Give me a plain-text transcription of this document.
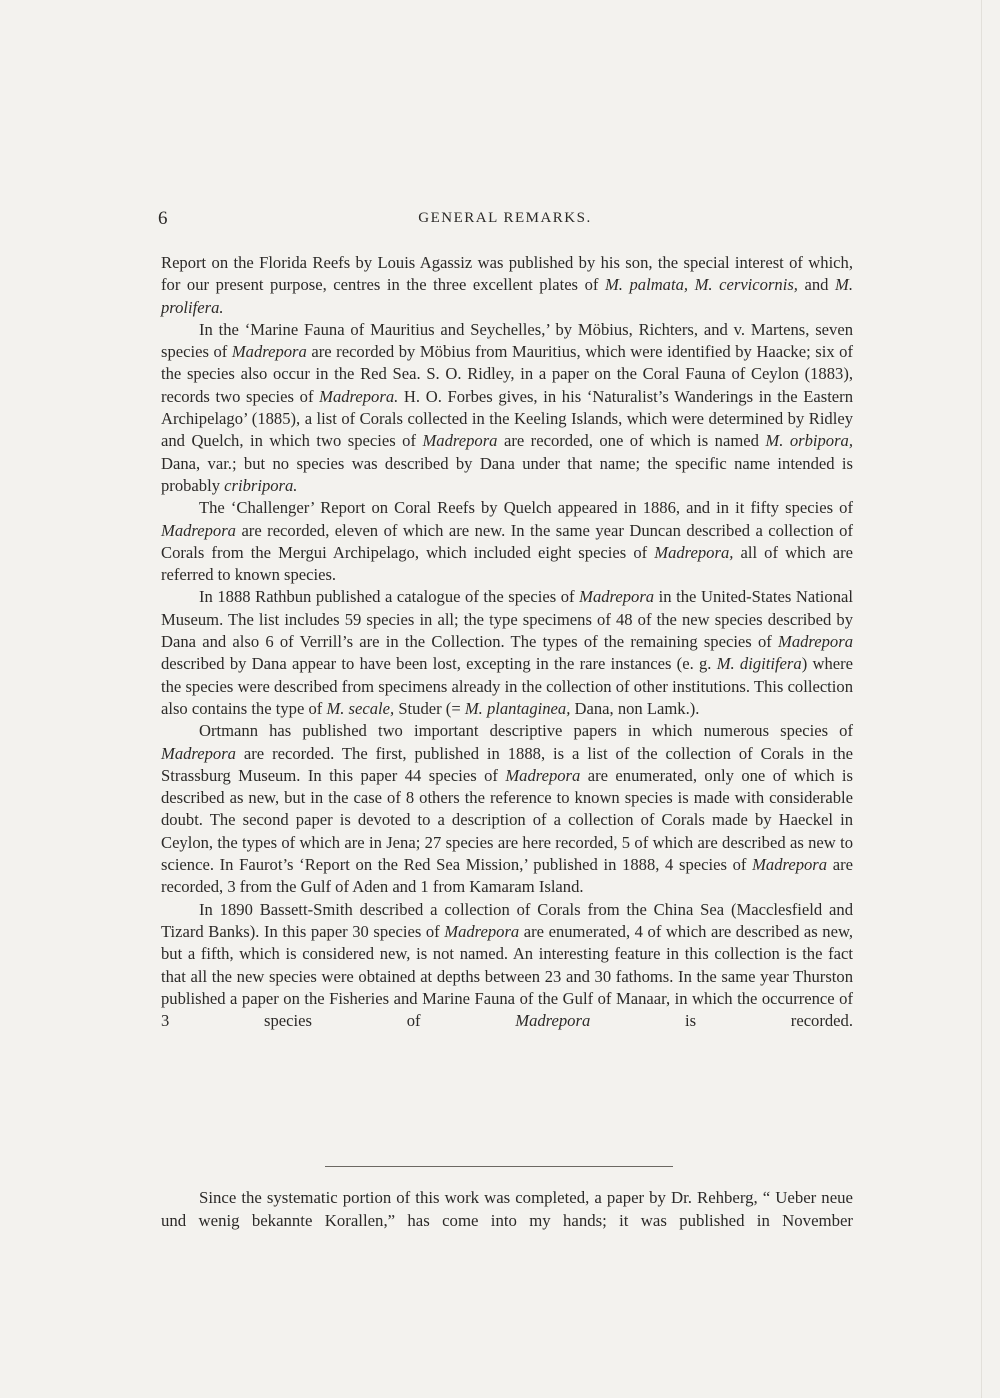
6	GENERAL REMARKS.

Report on the Florida Reefs by Louis Agassiz was published by his son, the special interest of which, for our present purpose, centres in the three excellent plates of M. palmata, M. cervicornis, and M. prolifera.

In the ‘Marine Fauna of Mauritius and Seychelles,’ by Möbius, Richters, and v. Martens, seven species of Madrepora are recorded by Möbius from Mauritius, which were identified by Haacke; six of the species also occur in the Red Sea. S. O. Ridley, in a paper on the Coral Fauna of Ceylon (1883), records two species of Madrepora. H. O. Forbes gives, in his ‘Naturalist’s Wanderings in the Eastern Archipelago’ (1885), a list of Corals collected in the Keeling Islands, which were determined by Ridley and Quelch, in which two species of Madrepora are recorded, one of which is named M. orbipora, Dana, var.; but no species was described by Dana under that name; the specific name intended is probably cribripora.

The ‘Challenger’ Report on Coral Reefs by Quelch appeared in 1886, and in it fifty species of Madrepora are recorded, eleven of which are new. In the same year Duncan described a collection of Corals from the Mergui Archipelago, which included eight species of Madrepora, all of which are referred to known species.

In 1888 Rathbun published a catalogue of the species of Madrepora in the United-States National Museum. The list includes 59 species in all; the type specimens of 48 of the new species described by Dana and also 6 of Verrill’s are in the Collection. The types of the remaining species of Madrepora described by Dana appear to have been lost, excepting in the rare instances (e. g. M. digitifera) where the species were described from specimens already in the collection of other institutions. This collection also contains the type of M. secale, Studer (= M. plantaginea, Dana, non Lamk.).

Ortmann has published two important descriptive papers in which numerous species of Madrepora are recorded. The first, published in 1888, is a list of the collection of Corals in the Strassburg Museum. In this paper 44 species of Madrepora are enumerated, only one of which is described as new, but in the case of 8 others the reference to known species is made with considerable doubt. The second paper is devoted to a description of a collection of Corals made by Haeckel in Ceylon, the types of which are in Jena; 27 species are here recorded, 5 of which are described as new to science. In Faurot’s ‘Report on the Red Sea Mission,’ published in 1888, 4 species of Madrepora are recorded, 3 from the Gulf of Aden and 1 from Kamaram Island.

In 1890 Bassett-Smith described a collection of Corals from the China Sea (Macclesfield and Tizard Banks). In this paper 30 species of Madrepora are enumerated, 4 of which are described as new, but a fifth, which is considered new, is not named. An interesting feature in this collection is the fact that all the new species were obtained at depths between 23 and 30 fathoms. In the same year Thurston published a paper on the Fisheries and Marine Fauna of the Gulf of Manaar, in which the occurrence of 3 species of Madrepora is recorded.

Since the systematic portion of this work was completed, a paper by Dr. Rehberg, “ Ueber neue und wenig bekannte Korallen,” has come into my hands; it was published in November
